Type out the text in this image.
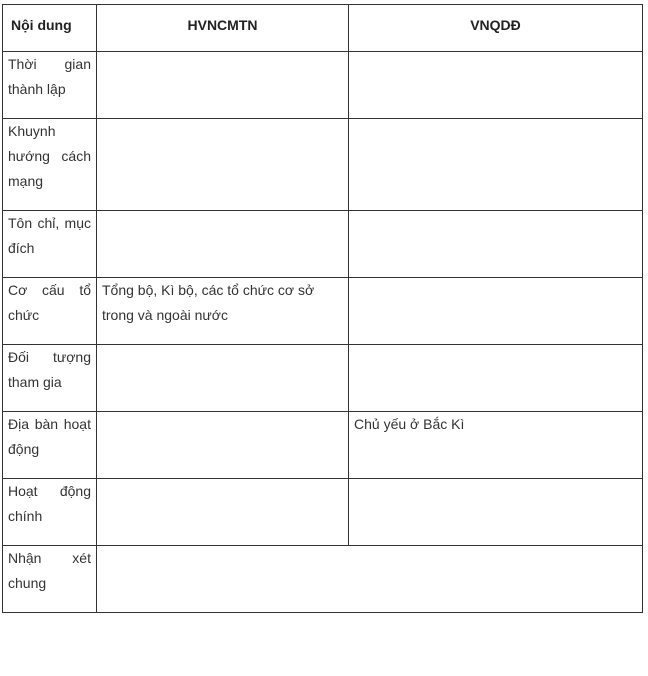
Nội dung	HVNCMTN	VNQDĐ
Thời gian thành lập		
Khuynh hướng cách mạng		
Tôn chỉ, mục đích		
Cơ cấu tổ chức	Tổng bộ, Kì bộ, các tổ chức cơ sở trong và ngoài nước	
Đối tượng tham gia		
Địa bàn hoạt động		Chủ yếu ở Bắc Kì
Hoạt động chính		
Nhận xét chung		
